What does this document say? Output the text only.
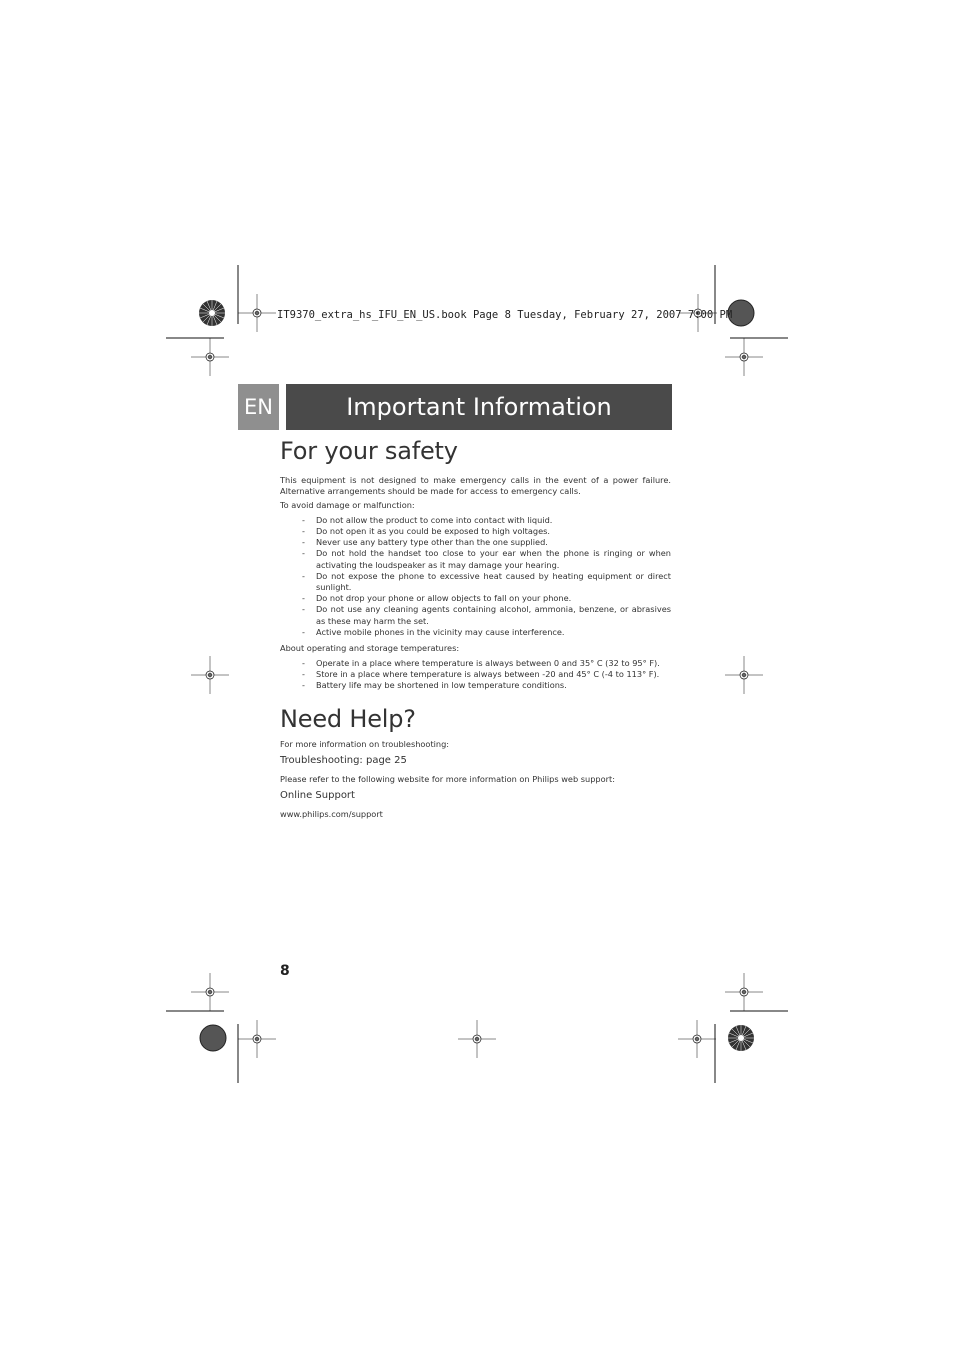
IT9370_extra_hs_IFU_EN_US.book Page 8 Tuesday, February 27, 2007 7:00 PM
EN	Important Information
For your safety

This equipment is not designed to make emergency calls in the event of a power failure. Alternative arrangements should be made for access to emergency calls.

To avoid damage or malfunction:

- Do not allow the product to come into contact with liquid.
- Do not open it as you could be exposed to high voltages.
- Never use any battery type other than the one supplied.
- Do not hold the handset too close to your ear when the phone is ringing or when activating the loudspeaker as it may damage your hearing.
- Do not expose the phone to excessive heat caused by heating equipment or direct sunlight.
- Do not drop your phone or allow objects to fall on your phone.
- Do not use any cleaning agents containing alcohol, ammonia, benzene, or abrasives as these may harm the set.
- Active mobile phones in the vicinity may cause interference.

About operating and storage temperatures:

- Operate in a place where temperature is always between 0 and 35° C (32 to 95° F).
- Store in a place where temperature is always between -20 and 45° C (-4 to 113° F).
- Battery life may be shortened in low temperature conditions.
Need Help?

For more information on troubleshooting:

Troubleshooting: page 25

Please refer to the following website for more information on Philips web support:

Online Support

www.philips.com/support

8
